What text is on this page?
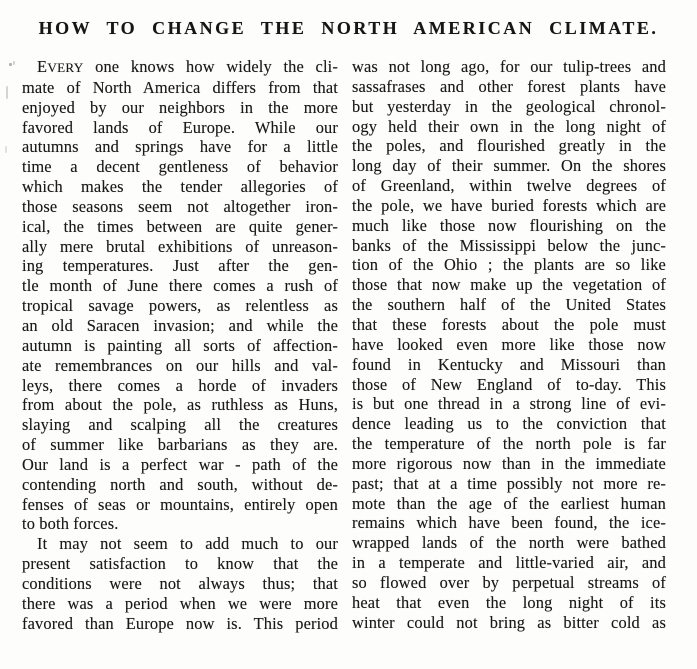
HOW TO CHANGE THE NORTH AMERICAN CLIMATE.
EVERY one knows how widely the cli-
mate of North America differs from that
enjoyed by our neighbors in the more
favored lands of Europe. While our
autumns and springs have for a little
time a decent gentleness of behavior
which makes the tender allegories of
those seasons seem not altogether iron-
ical, the times between are quite gener-
ally mere brutal exhibitions of unreason-
ing temperatures. Just after the gen-
tle month of June there comes a rush of
tropical savage powers, as relentless as
an old Saracen invasion; and while the
autumn is painting all sorts of affection-
ate remembrances on our hills and val-
leys, there comes a horde of invaders
from about the pole, as ruthless as Huns,
slaying and scalping all the creatures
of summer like barbarians as they are.
Our land is a perfect war - path of the
contending north and south, without de-
fenses of seas or mountains, entirely open
to both forces.
It may not seem to add much to our
present satisfaction to know that the
conditions were not always thus; that
there was a period when we were more
favored than Europe now is. This period
was not long ago, for our tulip-trees and
sassafrases and other forest plants have
but yesterday in the geological chronol-
ogy held their own in the long night of
the poles, and flourished greatly in the
long day of their summer. On the shores
of Greenland, within twelve degrees of
the pole, we have buried forests which are
much like those now flourishing on the
banks of the Mississippi below the junc-
tion of the Ohio ; the plants are so like
those that now make up the vegetation of
the southern half of the United States
that these forests about the pole must
have looked even more like those now
found in Kentucky and Missouri than
those of New England of to-day. This
is but one thread in a strong line of evi-
dence leading us to the conviction that
the temperature of the north pole is far
more rigorous now than in the immediate
past; that at a time possibly not more re-
mote than the age of the earliest human
remains which have been found, the ice-
wrapped lands of the north were bathed
in a temperate and little-varied air, and
so flowed over by perpetual streams of
heat that even the long night of its
winter could not bring as bitter cold as
